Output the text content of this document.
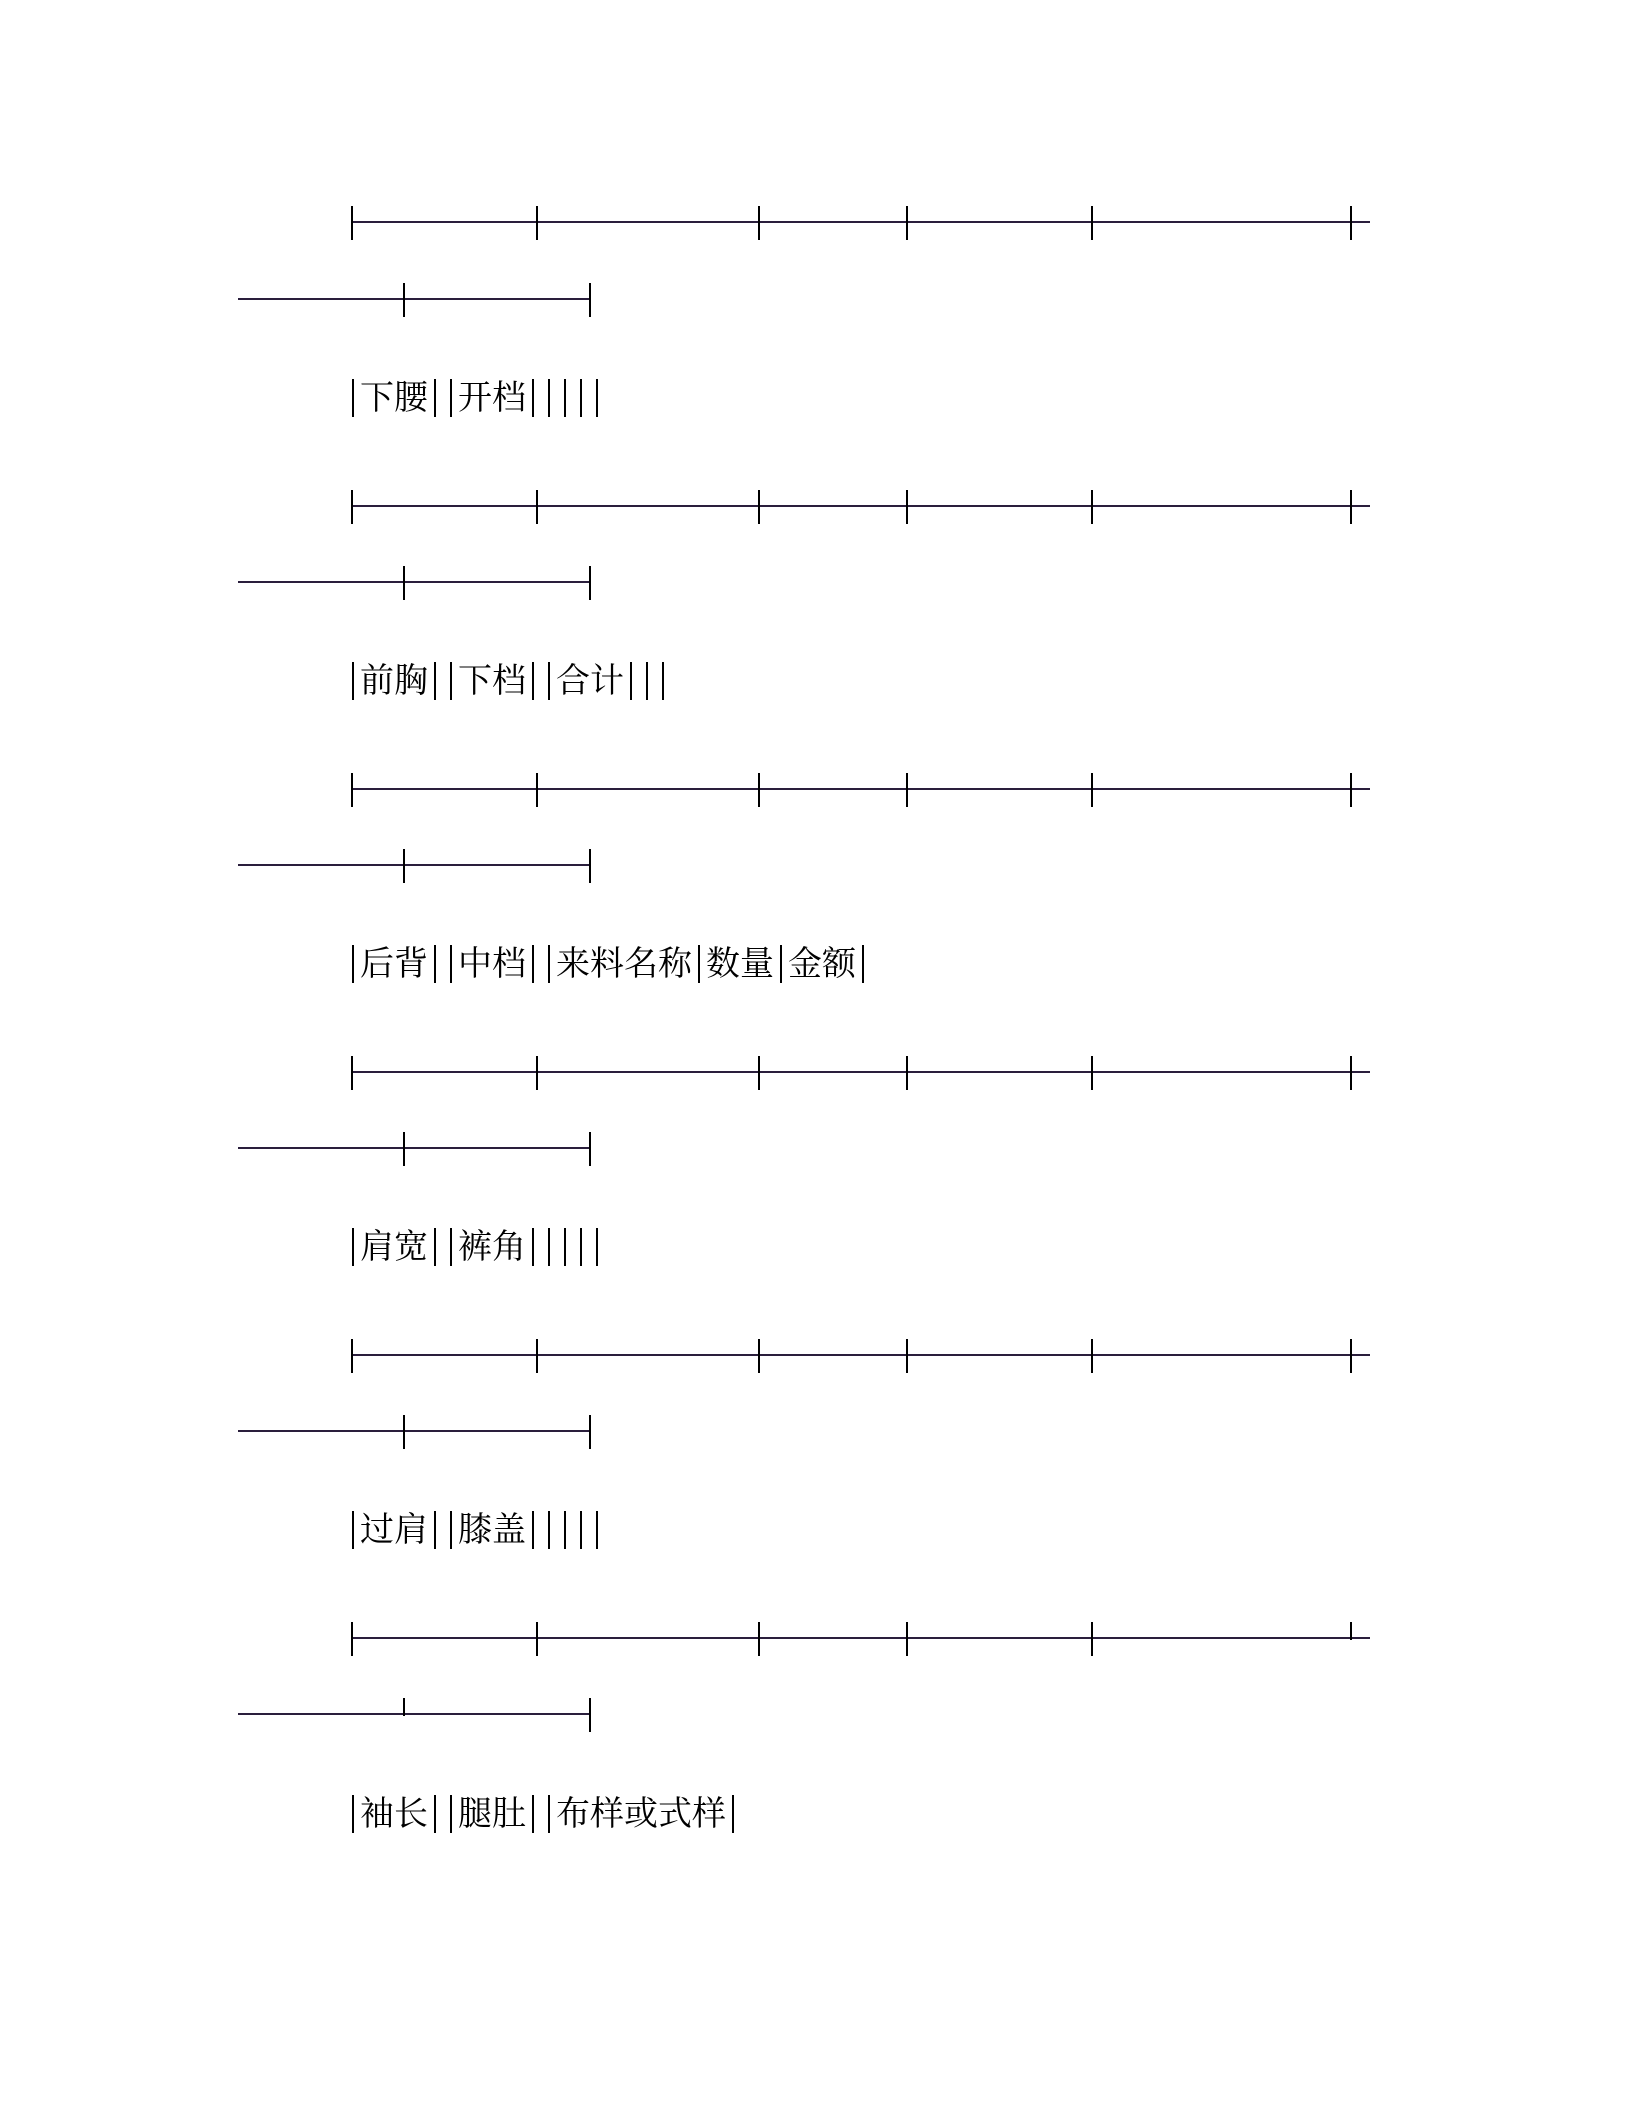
下腰 开档
前胸 下档 合计
后背 中档 来料名称 数量 金额
肩宽 裤角
过肩 膝盖
袖长 腿肚 布样或式样
